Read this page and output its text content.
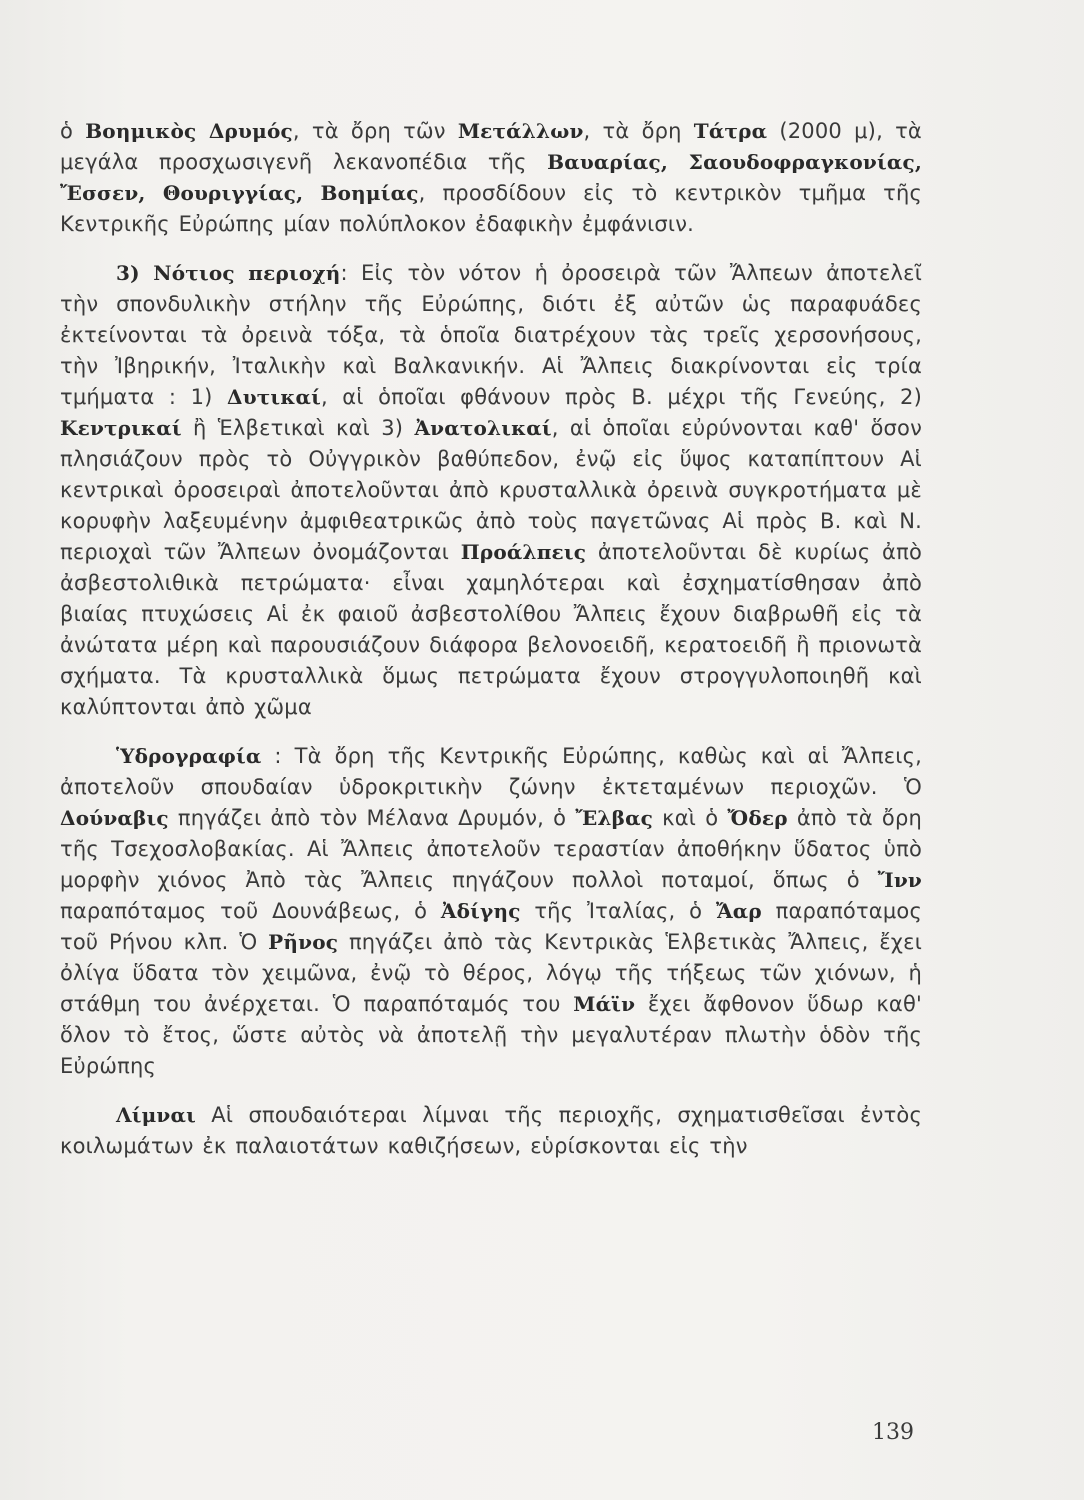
ὁ Βοημικὸς Δρυμός, τὰ ὄρη τῶν Μετάλλων, τὰ ὄρη Τάτρα (2000 μ), τὰ μεγάλα προσχωσιγενῆ λεκανοπέδια τῆς Βαυαρίας, Σαουδοφραγκονίας, Ἔσσεν, Θουριγγίας, Βοημίας, προσδίδουν εἰς τὸ κεντρικὸν τμῆμα τῆς Κεντρικῆς Εὐρώπης μίαν πολύπλοκον ἐδαφικὴν ἐμφάνισιν.

3) Νότιος περιοχή: Εἰς τὸν νότον ἡ ὀροσειρὰ τῶν Ἄλπεων ἀποτελεῖ τὴν σπονδυλικὴν στήλην τῆς Εὐρώπης, διότι ἐξ αὐτῶν ὡς παραφυάδες ἐκτείνονται τὰ ὀρεινὰ τόξα, τὰ ὁποῖα διατρέχουν τὰς τρεῖς χερσονήσους, τὴν Ἰβηρικήν, Ἰταλικὴν καὶ Βαλκανικήν. Αἱ Ἄλπεις διακρίνονται εἰς τρία τμήματα : 1) Δυτικαί, αἱ ὁποῖαι φθάνουν πρὸς Β. μέχρι τῆς Γενεύης, 2) Κεντρικαί ἢ Ἑλβετικαὶ καὶ 3) Ἀνατολικαί, αἱ ὁποῖαι εὐρύνονται καθ' ὅσον πλησιάζουν πρὸς τὸ Οὐγγρικὸν βαθύπεδον, ἐνῷ εἰς ὕψος καταπίπτουν Αἱ κεντρικαὶ ὀροσειραὶ ἀποτελοῦνται ἀπὸ κρυσταλλικὰ ὀρεινὰ συγκροτήματα μὲ κορυφὴν λαξευμένην ἀμφιθεατρικῶς ἀπὸ τοὺς παγετῶνας Αἱ πρὸς Β. καὶ Ν. περιοχαὶ τῶν Ἄλπεων ὀνομάζονται Προάλπεις ἀποτελοῦνται δὲ κυρίως ἀπὸ ἀσβεστολιθικὰ πετρώματα· εἶναι χαμηλότεραι καὶ ἐσχηματίσθησαν ἀπὸ βιαίας πτυχώσεις Αἱ ἐκ φαιοῦ ἀσβεστολίθου Ἄλπεις ἔχουν διαβρωθῆ εἰς τὰ ἀνώτατα μέρη καὶ παρουσιάζουν διάφορα βελονοειδῆ, κερατοειδῆ ἢ πριονωτὰ σχήματα. Τὰ κρυσταλλικὰ ὅμως πετρώματα ἔχουν στρογγυλοποιηθῆ καὶ καλύπτονται ἀπὸ χῶμα

Ὑδρογραφία : Τὰ ὄρη τῆς Κεντρικῆς Εὐρώπης, καθὼς καὶ αἱ Ἄλπεις, ἀποτελοῦν σπουδαίαν ὑδροκριτικὴν ζώνην ἐκτεταμένων περιοχῶν. Ὁ Δούναβις πηγάζει ἀπὸ τὸν Μέλανα Δρυμόν, ὁ Ἔλβας καὶ ὁ Ὄδερ ἀπὸ τὰ ὄρη τῆς Τσεχοσλοβακίας. Αἱ Ἄλπεις ἀποτελοῦν τεραστίαν ἀποθήκην ὕδατος ὑπὸ μορφὴν χιόνος Ἀπὸ τὰς Ἄλπεις πηγάζουν πολλοὶ ποταμοί, ὅπως ὁ Ἴνν παραπόταμος τοῦ Δουνάβεως, ὁ Ἀδίγης τῆς Ἰταλίας, ὁ Ἄαρ παραπόταμος τοῦ Ρήνου κλπ. Ὁ Ρῆνος πηγάζει ἀπὸ τὰς Κεντρικὰς Ἑλβετικὰς Ἄλπεις, ἔχει ὀλίγα ὕδατα τὸν χειμῶνα, ἐνῷ τὸ θέρος, λόγῳ τῆς τήξεως τῶν χιόνων, ἡ στάθμη του ἀνέρχεται. Ὁ παραπόταμός του Μάϊν ἔχει ἄφθονον ὕδωρ καθ' ὅλον τὸ ἔτος, ὥστε αὐτὸς νὰ ἀποτελῇ τὴν μεγαλυτέραν πλωτὴν ὁδὸν τῆς Εὐρώπης

Λίμναι Αἱ σπουδαιότεραι λίμναι τῆς περιοχῆς, σχηματισθεῖσαι ἐντὸς κοιλωμάτων ἐκ παλαιοτάτων καθιζήσεων, εὑρίσκονται εἰς τὴν

139
